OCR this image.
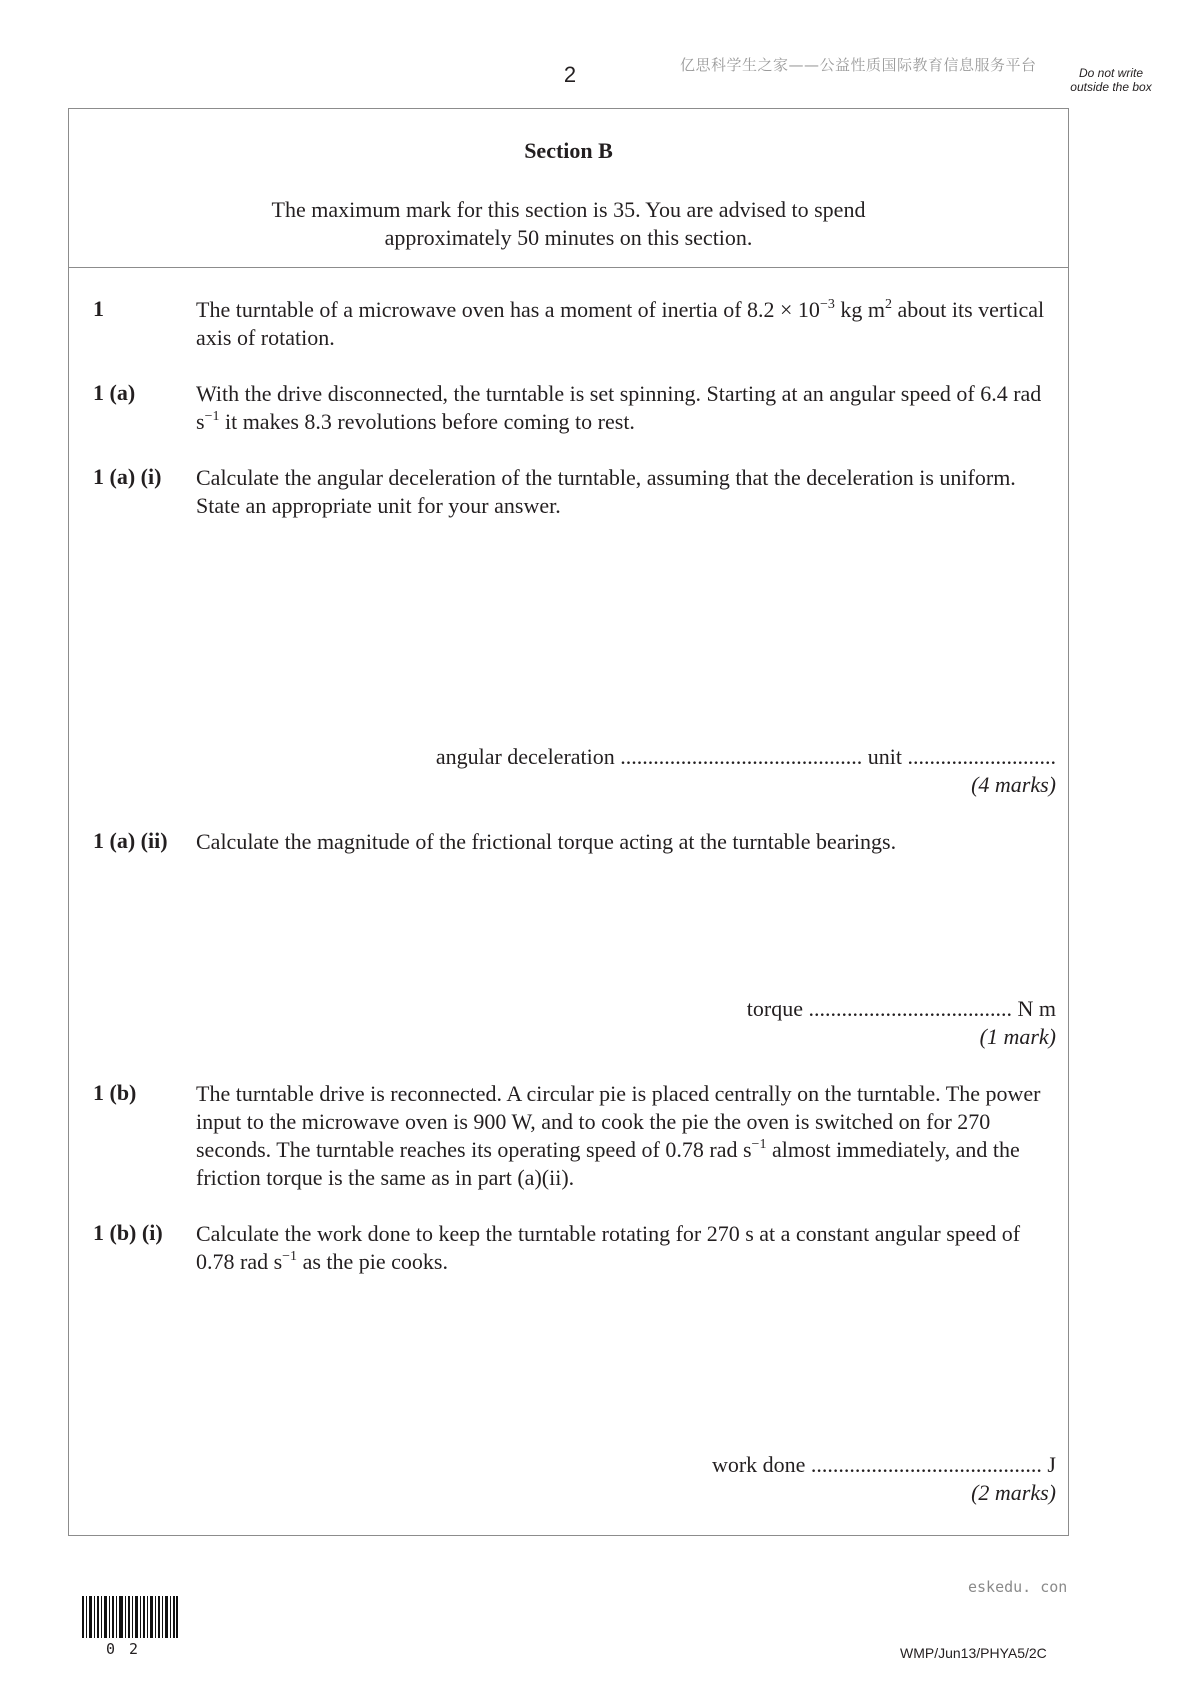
2	亿思科学生之家——公益性质国际教育信息服务平台	Do not write outside the box
Section B
The maximum mark for this section is 35. You are advised to spend approximately 50 minutes on this section.
1	The turntable of a microwave oven has a moment of inertia of $8.2 \times 10^{-3}$ kg $m^2$ about its vertical axis of rotation.
1 (a)	With the drive disconnected, the turntable is set spinning. Starting at an angular speed of 6.4 rad $s^{-1}$ it makes 8.3 revolutions before coming to rest.
1 (a) (i) Calculate the angular deceleration of the turntable, assuming that the deceleration is uniform. State an appropriate unit for your answer.
angular deceleration ............................................ unit ...........................
(4 marks)
1 (a) (ii) Calculate the magnitude of the frictional torque acting at the turntable bearings.
torque ..................................... N m
(1 mark)
1 (b)	The turntable drive is reconnected. A circular pie is placed centrally on the turntable. The power input to the microwave oven is 900 W, and to cook the pie the oven is switched on for 270 seconds. The turntable reaches its operating speed of 0.78 rad $s^{-1}$ almost immediately, and the friction torque is the same as in part (a)(ii).
1 (b) (i) Calculate the work done to keep the turntable rotating for 270 s at a constant angular speed of 0.78 rad $s^{-1}$ as the pie cooks.
work done .......................................... J
(2 marks)
eskedu. con
02	WMP/Jun13/PHYA5/2C
